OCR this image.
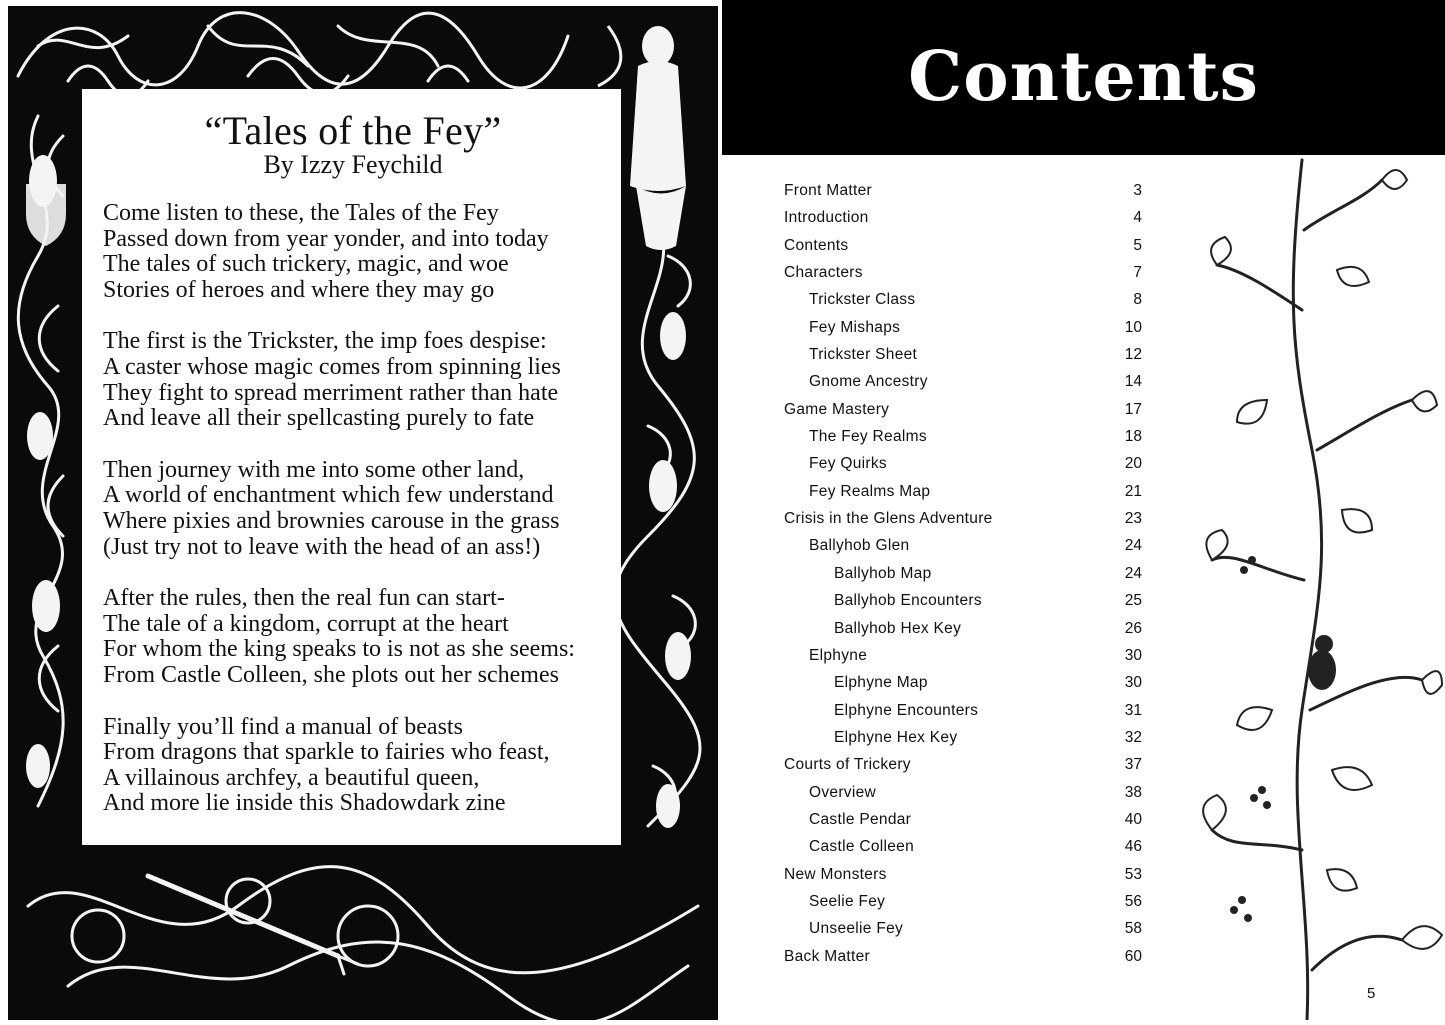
“Tales of the Fey”
By Izzy Feychild
Come listen to these, the Tales of the Fey
Passed down from year yonder, and into today
The tales of such trickery, magic, and woe
Stories of heroes and where they may go
The first is the Trickster, the imp foes despise:
A caster whose magic comes from spinning lies
They fight to spread merriment rather than hate
And leave all their spellcasting purely to fate
Then journey with me into some other land,
A world of enchantment which few understand
Where pixies and brownies carouse in the grass
(Just try not to leave with the head of an ass!)
After the rules, then the real fun can start-
The tale of a kingdom, corrupt at the heart
For whom the king speaks to is not as she seems:
From Castle Colleen, she plots out her schemes
Finally you’ll find a manual of beasts
From dragons that sparkle to fairies who feast,
A villainous archfey, a beautiful queen,
And more lie inside this Shadowdark zine
Contents
Front Matter	3
Introduction	4
Contents	5
Characters	7
Trickster Class	8
Fey Mishaps	10
Trickster Sheet	12
Gnome Ancestry	14
Game Mastery	17
The Fey Realms	18
Fey Quirks	20
Fey Realms Map	21
Crisis in the Glens Adventure	23
Ballyhob Glen	24
Ballyhob Map	24
Ballyhob Encounters	25
Ballyhob Hex Key	26
Elphyne	30
Elphyne Map	30
Elphyne Encounters	31
Elphyne Hex Key	32
Courts of Trickery	37
Overview	38
Castle Pendar	40
Castle Colleen	46
New Monsters	53
Seelie Fey	56
Unseelie Fey	58
Back Matter	60
5
